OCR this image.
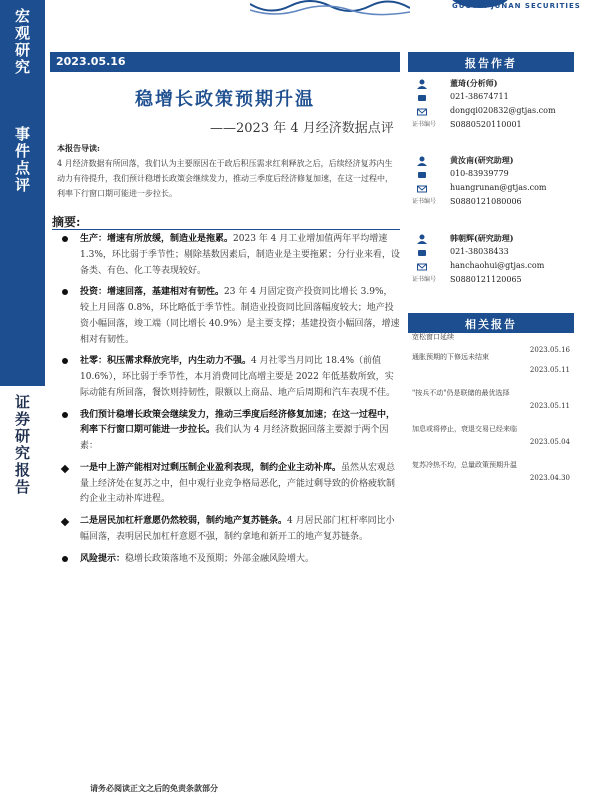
宏观研究
事件点评
证券研究报告
GUOTAI JUNAN SECURITIES
2023.05.16
稳增长政策预期升温
——2023 年 4 月经济数据点评
本报告导读:
4 月经济数据有所回落，我们认为主要原因在于政后积压需求红利释放之后，后续经济复苏内生动力有待提升，我们预计稳增长政策会继续发力，推动三季度后经济修复加速，在这一过程中，利率下行窗口期可能进一步拉长。
摘要:
生产：增速有所放缓，制造业是拖累。2023 年 4 月工业增加值两年平均增速 1.3%，环比弱于季节性；剔除基数因素后，制造业是主要拖累；分行业来看，设备类、有色、化工等表现较好。
投资：增速回落，基建相对有韧性。23 年 4 月固定资产投资同比增长 3.9%，较上月回落 0.8%，环比略低于季节性。制造业投资同比回落幅度较大；地产投资小幅回落，竣工端（同比增长 40.9%）是主要支撑；基建投资小幅回落，增速相对有韧性。
社零：积压需求释放完毕，内生动力不强。4 月社零当月同比 18.4%（前值 10.6%），环比弱于季节性，本月消费同比高增主要是 2022 年低基数所致，实际动能有所回落，餐饮则持韧性，限额以上商品、地产后周期和汽车表现不佳。
我们预计稳增长政策会继续发力，推动三季度后经济修复加速；在这一过程中，利率下行窗口期可能进一步拉长。我们认为 4 月经济数据回落主要源于两个因素：
一是中上游产能相对过剩压制企业盈利表现，制约企业主动补库。虽然从宏观总量上经济处在复苏之中，但中观行业竞争格局恶化，产能过剩导致的价格疲软制约企业主动补库进程。
二是居民加杠杆意愿仍然较弱，制约地产复苏链条。4 月居民部门杠杆率同比小幅回落，表明居民加杠杆意愿不强，制约拿地和新开工的地产复苏链条。
风险提示：稳增长政策落地不及预期；外部金融风险增大。
报告作者
董琦(分析师)
021-38674711
dongqi020832@gtjas.com
证书编号 S0880520110001
黄汝南(研究助理)
010-83939779
huangrunan@gtjas.com
证书编号 S0880121080006
韩朝辉(研究助理)
021-38038433
hanchaohui@gtjas.com
证书编号 S0880121120065
相关报告
宽松窗口延续
2023.05.16
通胀预期的下修远未结束
2023.05.11
"按兵不动"仍是联储的最优选择
2023.05.11
加息或将停止，衰退交易已经来临
2023.05.04
复苏冷热不均，总量政策预期升温
2023.04.30
请务必阅读正文之后的免责条款部分
